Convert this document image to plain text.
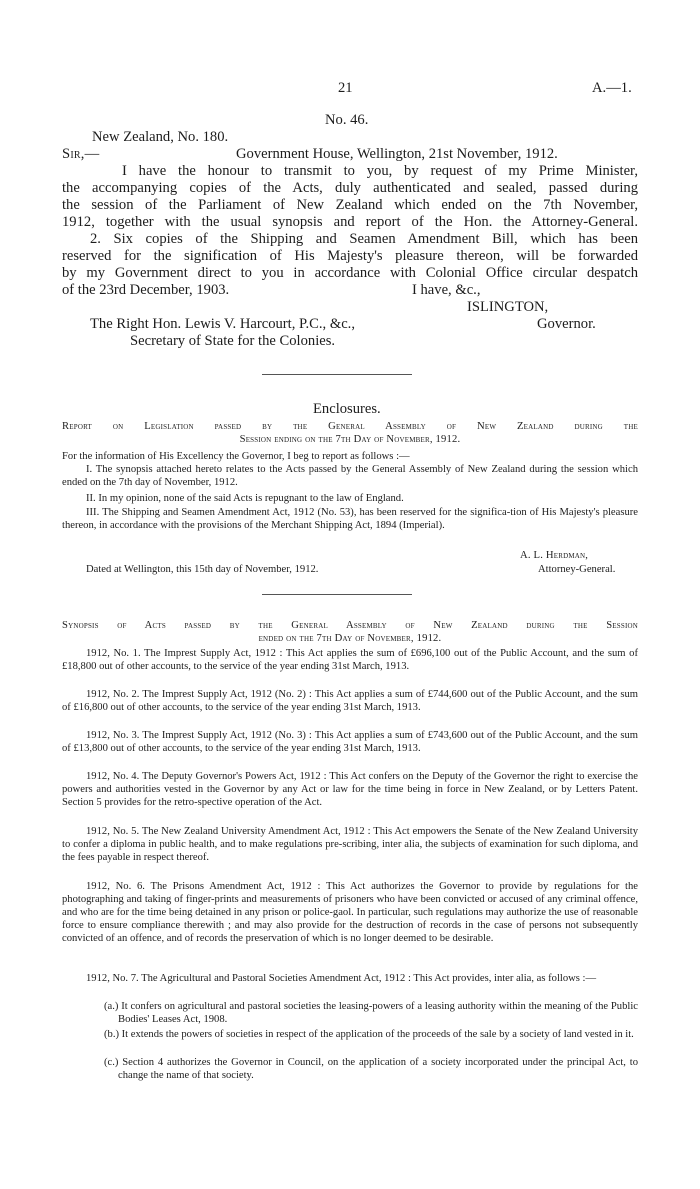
21	A.—1.
No. 46.
New Zealand, No. 180.
Sir,—	Government House, Wellington, 21st November, 1912.
I have the honour to transmit to you, by request of my Prime Minister,
the accompanying copies of the Acts, duly authenticated and sealed, passed during
the session of the Parliament of New Zealand which ended on the 7th November,
1912, together with the usual synopsis and report of the Hon. the Attorney-General.
2. Six copies of the Shipping and Seamen Amendment Bill, which has been
reserved for the signification of His Majesty's pleasure thereon, will be forwarded
by my Government direct to you in accordance with Colonial Office circular despatch
of the 23rd December, 1903.	I have, &c.,
ISLINGTON,
The Right Hon. Lewis V. Harcourt, P.C., &c.,	Governor.
Secretary of State for the Colonies.
Enclosures.
Report on Legislation passed by the General Assembly of New Zealand during the
Session ending on the 7th Day of November, 1912.
For the information of His Excellency the Governor, I beg to report as follows :—
I. The synopsis attached hereto relates to the Acts passed by the General Assembly of New Zealand during the session which ended on the 7th day of November, 1912.
II. In my opinion, none of the said Acts is repugnant to the law of England.
III. The Shipping and Seamen Amendment Act, 1912 (No. 53), has been reserved for the significa-tion of His Majesty's pleasure thereon, in accordance with the provisions of the Merchant Shipping Act, 1894 (Imperial).
A. L. Herdman,
Dated at Wellington, this 15th day of November, 1912.	Attorney-General.
Synopsis of Acts passed by the General Assembly of New Zealand during the Session
ended on the 7th Day of November, 1912.
1912, No. 1. The Imprest Supply Act, 1912 : This Act applies the sum of £696,100 out of the Public Account, and the sum of £18,800 out of other accounts, to the service of the year ending 31st March, 1913.
1912, No. 2. The Imprest Supply Act, 1912 (No. 2) : This Act applies a sum of £744,600 out of the Public Account, and the sum of £16,800 out of other accounts, to the service of the year ending 31st March, 1913.
1912, No. 3. The Imprest Supply Act, 1912 (No. 3) : This Act applies a sum of £743,600 out of the Public Account, and the sum of £13,800 out of other accounts, to the service of the year ending 31st March, 1913.
1912, No. 4. The Deputy Governor's Powers Act, 1912 : This Act confers on the Deputy of the Governor the right to exercise the powers and authorities vested in the Governor by any Act or law for the time being in force in New Zealand, or by Letters Patent. Section 5 provides for the retro-spective operation of the Act.
1912, No. 5. The New Zealand University Amendment Act, 1912 : This Act empowers the Senate of the New Zealand University to confer a diploma in public health, and to make regulations pre-scribing, inter alia, the subjects of examination for such diploma, and the fees payable in respect thereof.
1912, No. 6. The Prisons Amendment Act, 1912 : This Act authorizes the Governor to provide by regulations for the photographing and taking of finger-prints and measurements of prisoners who have been convicted or accused of any criminal offence, and who are for the time being detained in any prison or police-gaol. In particular, such regulations may authorize the use of reasonable force to ensure compliance therewith ; and may also provide for the destruction of records in the case of persons not subsequently convicted of an offence, and of records the preservation of which is no longer deemed to be desirable.
1912, No. 7. The Agricultural and Pastoral Societies Amendment Act, 1912 : This Act provides, inter alia, as follows :—
(a.) It confers on agricultural and pastoral societies the leasing-powers of a leasing authority within the meaning of the Public Bodies' Leases Act, 1908.
(b.) It extends the powers of societies in respect of the application of the proceeds of the sale by a society of land vested in it.
(c.) Section 4 authorizes the Governor in Council, on the application of a society incorporated under the principal Act, to change the name of that society.
